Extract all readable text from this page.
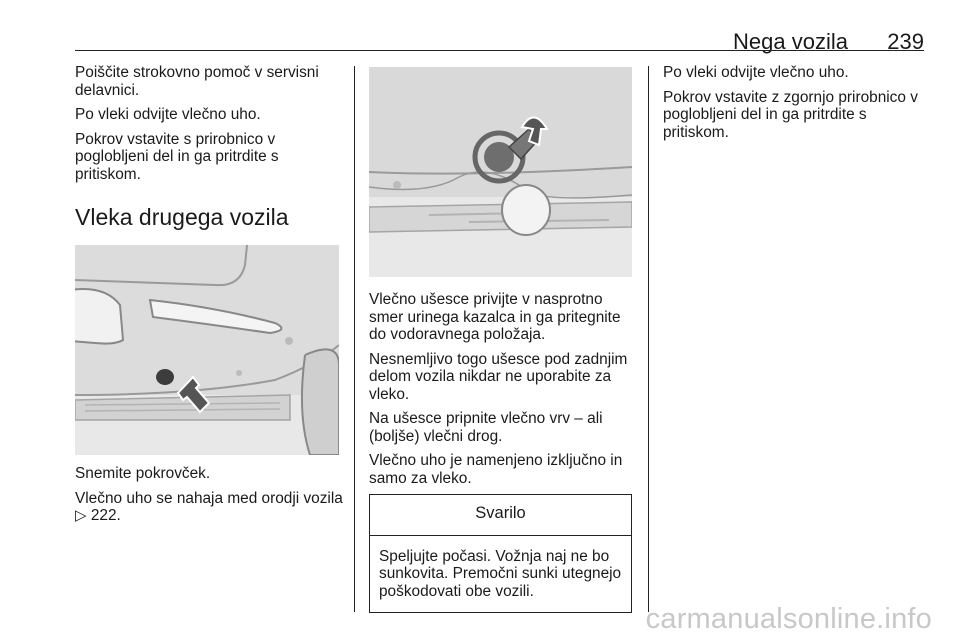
Nega vozila 239

Poiščite strokovno pomoč v servisni delavnici.

Po vleki odvijte vlečno uho.

Pokrov vstavite s prirobnico v poglobljeni del in ga pritrdite s pritiskom.

Vleka drugega vozila

Snemite pokrovček.

Vlečno uho se nahaja med orodji vozila ▷ 222.

Vlečno ušesce privijte v nasprotno smer urinega kazalca in ga pritegnite do vodoravnega položaja.

Nesnemljivo togo ušesce pod zadnjim delom vozila nikdar ne uporabite za vleko.

Na ušesce pripnite vlečno vrv – ali (boljše) vlečni drog.

Vlečno uho je namenjeno izključno in samo za vleko.

Svarilo
Speljujte počasi. Vožnja naj ne bo sunkovita. Premočni sunki utegnejo poškodovati obe vozili.

Po vleki odvijte vlečno uho.

Pokrov vstavite z zgornjo prirobnico v poglobljeni del in ga pritrdite s pritiskom.

carmanualsonline.info
